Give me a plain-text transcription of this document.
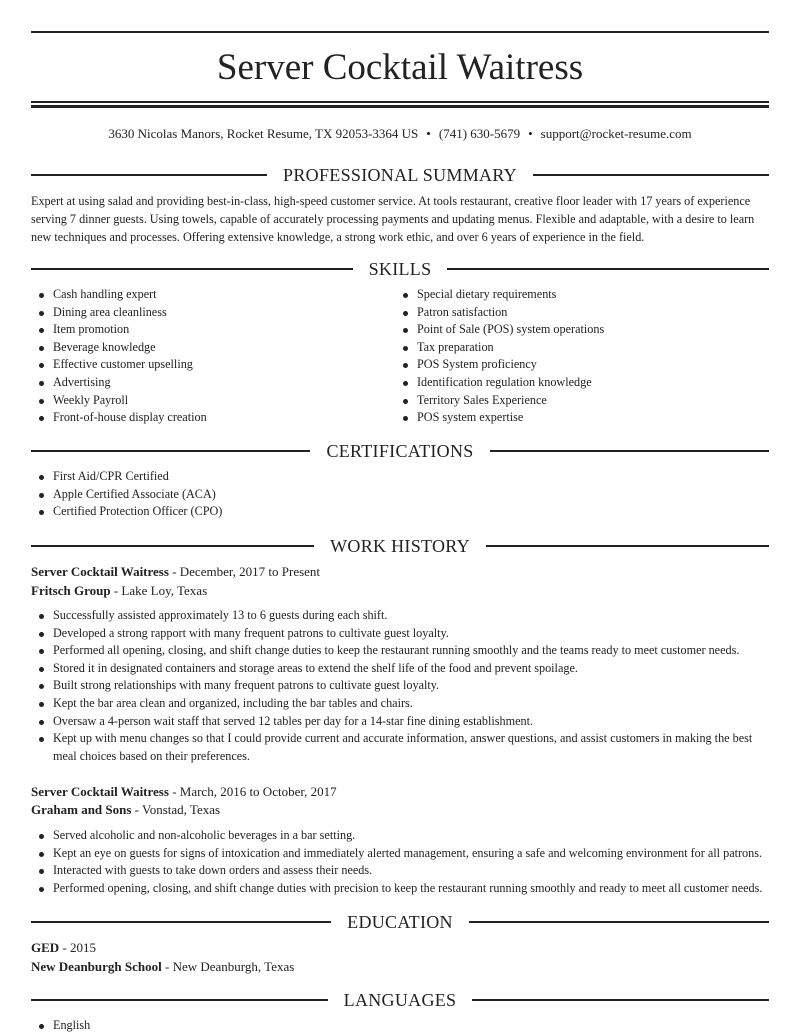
Server Cocktail Waitress
3630 Nicolas Manors, Rocket Resume, TX 92053-3364 US • (741) 630-5679 • support@rocket-resume.com
PROFESSIONAL SUMMARY

Expert at using salad and providing best-in-class, high-speed customer service. At tools restaurant, creative floor leader with 17 years of experience serving 7 dinner guests. Using towels, capable of accurately processing payments and updating menus. Flexible and adaptable, with a desire to learn new techniques and processes. Offering extensive knowledge, a strong work ethic, and over 6 years of experience in the field.

SKILLS
Cash handling expert
Dining area cleanliness
Item promotion
Beverage knowledge
Effective customer upselling
Advertising
Weekly Payroll
Front-of-house display creation
Special dietary requirements
Patron satisfaction
Point of Sale (POS) system operations
Tax preparation
POS System proficiency
Identification regulation knowledge
Territory Sales Experience
POS system expertise
CERTIFICATIONS
First Aid/CPR Certified
Apple Certified Associate (ACA)
Certified Protection Officer (CPO)
WORK HISTORY
Server Cocktail Waitress - December, 2017 to Present
Fritsch Group - Lake Loy, Texas
Successfully assisted approximately 13 to 6 guests during each shift.
Developed a strong rapport with many frequent patrons to cultivate guest loyalty.
Performed all opening, closing, and shift change duties to keep the restaurant running smoothly and the teams ready to meet customer needs.
Stored it in designated containers and storage areas to extend the shelf life of the food and prevent spoilage.
Built strong relationships with many frequent patrons to cultivate guest loyalty.
Kept the bar area clean and organized, including the bar tables and chairs.
Oversaw a 4-person wait staff that served 12 tables per day for a 14-star fine dining establishment.
Kept up with menu changes so that I could provide current and accurate information, answer questions, and assist customers in making the best meal choices based on their preferences.
Server Cocktail Waitress - March, 2016 to October, 2017
Graham and Sons - Vonstad, Texas
Served alcoholic and non-alcoholic beverages in a bar setting.
Kept an eye on guests for signs of intoxication and immediately alerted management, ensuring a safe and welcoming environment for all patrons.
Interacted with guests to take down orders and assess their needs.
Performed opening, closing, and shift change duties with precision to keep the restaurant running smoothly and ready to meet all customer needs.
EDUCATION
GED - 2015
New Deanburgh School - New Deanburgh, Texas
LANGUAGES
English
